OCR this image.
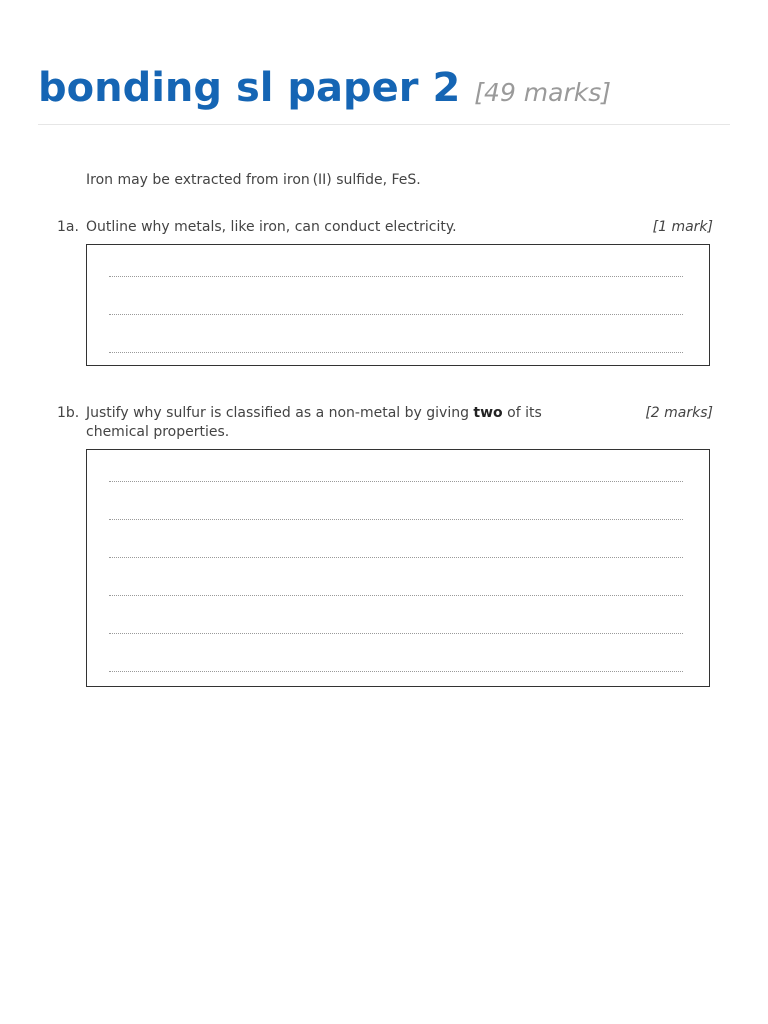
bonding sl paper 2 [49 marks]
Iron may be extracted from iron (II) sulfide, FeS.
1a. Outline why metals, like iron, can conduct electricity.	[1 mark]
1b. Justify why sulfur is classified as a non-metal by giving two of its chemical properties.
[2 marks]
